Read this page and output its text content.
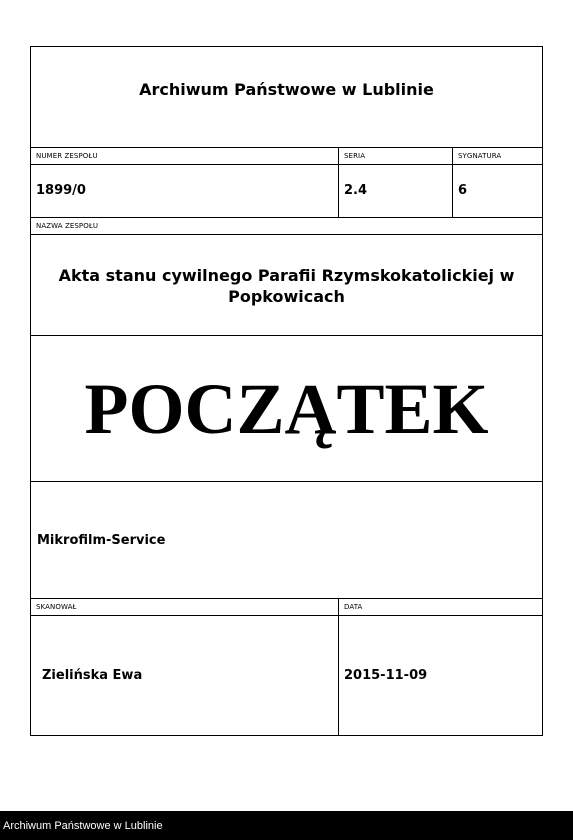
Archiwum Państwowe w Lublinie
NUMER ZESPOŁU	SERIA	SYGNATURA
1899/0	2.4	6
NAZWA ZESPOŁU
Akta stanu cywilnego Parafii Rzymskokatolickiej w Popkowicach
POCZĄTEK
Mikrofilm-Service
SKANOWAŁ	DATA
Zielińska Ewa	2015-11-09
Archiwum Państwowe w Lublinie
